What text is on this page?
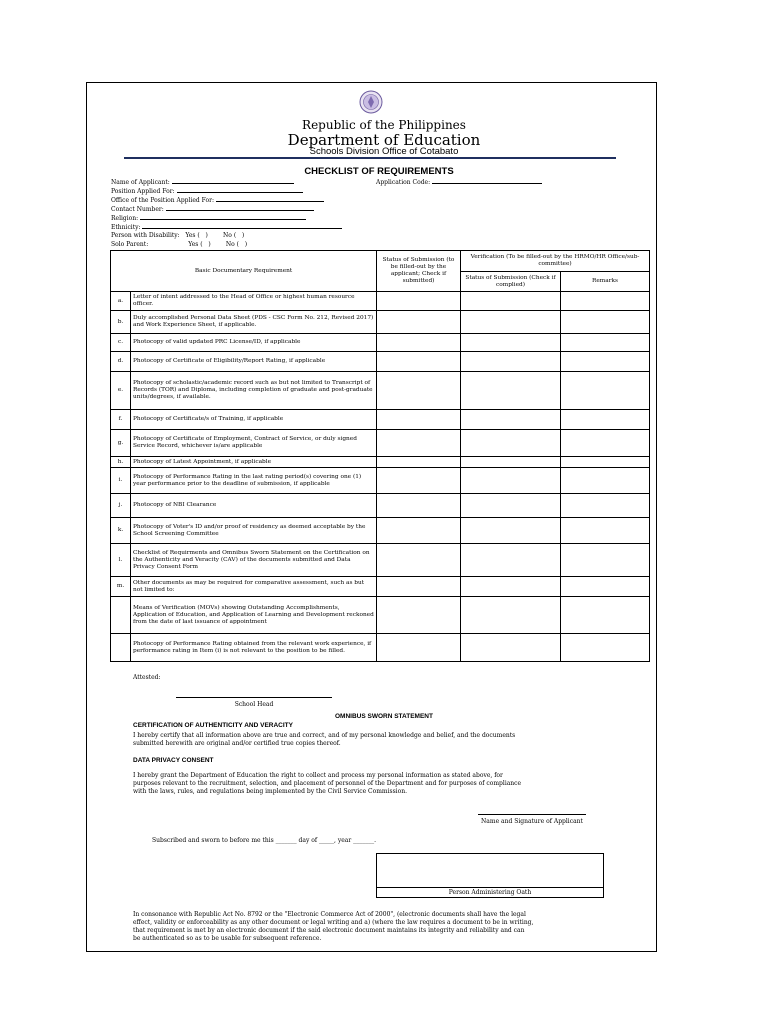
Republic of the Philippines
Department of Education
Schools Division Office of Cotabato
CHECKLIST OF REQUIREMENTS
Name of Applicant:
Position Applied For:
Office of the Position Applied For:
Contact Number:
Religion:
Ethnicity:
Person with Disability:   Yes (   )        No (   )
Solo Parent:                     Yes (   )        No (   )
Application Code:
Basic Documentary Requirement		Status of Submission (to be filled-out by the applicant; Check if submitted)	Verification (To be filled-out by the HRMO/HR Office/sub-committee)	
			Status of Submission (Check if complied)	Remarks
a.	Letter of intent addressed to the Head of Office or highest human resource officer.			
b.	Duly accomplished Personal Data Sheet (PDS - CSC Form No. 212, Revised 2017) and Work Experience Sheet, if applicable.			
c.	Photocopy of valid updated PRC License/ID, if applicable			
d.	Photocopy of Certificate of Eligibility/Report Rating, if applicable			
e.	Photocopy of scholastic/academic record such as but not limited to Transcript of Records (TOR) and Diploma, including completion of graduate and post-graduate units/degrees, if available.			
f.	Photocopy of Certificate/s of Training, if applicable			
g.	Photocopy of Certificate of Employment, Contract of Service, or duly signed Service Record, whichever is/are applicable			
h.	Photocopy of Latest Appointment, if applicable			
i.	Photocopy of Performance Rating in the last rating period(s) covering one (1) year performance prior to the deadline of submission, if applicable			
j.	Photocopy of NBI Clearance			
k.	Photocopy of Voter's ID and/or proof of residency as deemed acceptable by the School Screening Committee			
l.	Checklist of Requirments and Omnibus Sworn Statement on the Certification on the Authenticity and Veracity (CAV) of the documents submitted and Data Privacy Consent Form			
m.	Other documents as may be required for comparative assessment, such as but not limited to:			
	Means of Verification (MOVs) showing Outstanding Accomplishments, Application of Education, and Application of Learning and Development reckoned from the date of last issuance of appointment			
	Photocopy of Performance Rating obtained from the relevant work experience, if performance rating in Item (i) is not relevant to the position to be filled.			
Attested:
School Head
OMNIBUS SWORN STATEMENT
CERTIFICATION OF AUTHENTICITY AND VERACITY
I hereby certify that all information above are true and correct, and of my personal knowledge and belief, and the documents
submitted herewith are original and/or certified true copies thereof.
DATA PRIVACY CONSENT
I hereby grant the Department of Education the right to collect and process my personal information as stated above, for
purposes relevant to the recruitment, selection, and placement of personnel of the Department and for purposes of compliance
with the laws, rules, and regulations being implemented by the Civil Service Commission.
Name and Signature of Applicant
Subscribed and sworn to before me this _______ day of _____, year _______.
Person Administering Oath
In consonance with Republic Act No. 8792 or the "Electronic Commerce Act of 2000", (electronic documents shall have the legal
effect, validity or enforceability as any other document or legal writing and a) (where the law requires a document to be in writing,
that requirement is met by an electronic document if the said electronic document maintains its integrity and reliability and can
be authenticated so as to be usable for subsequent reference.
